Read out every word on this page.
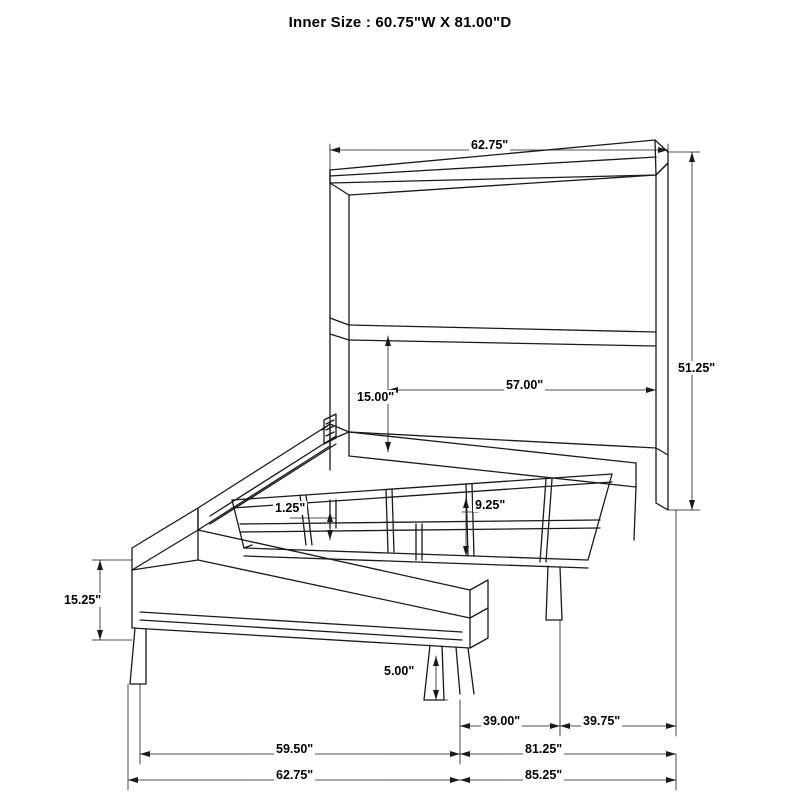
Inner Size : 60.75"W X 81.00"D
62.75"
51.25"
57.00"
15.00"
1.25"	9.25"
15.25"
5.00"
39.00"	39.75"
59.50"	81.25"
62.75"	85.25"
